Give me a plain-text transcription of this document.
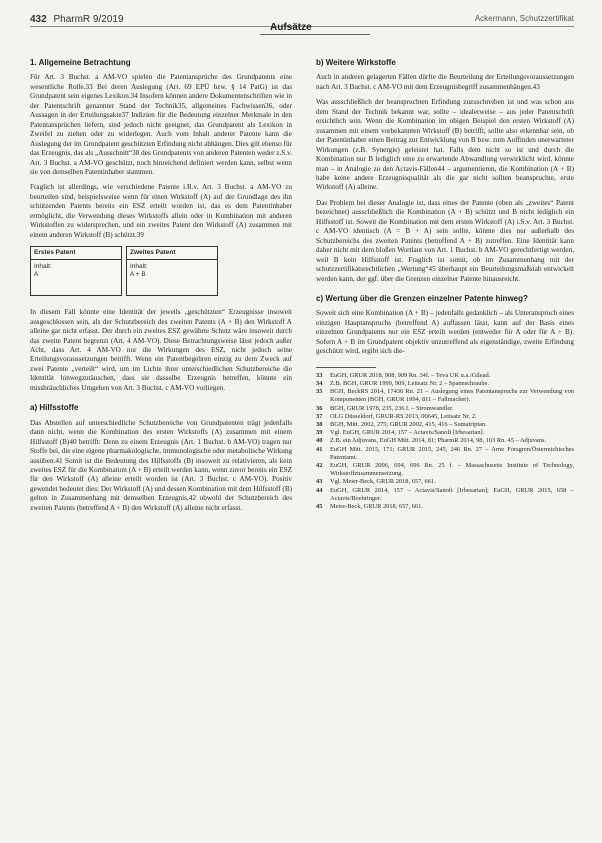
432 PharmR 9/2019
Aufsätze
Ackermann, Schutzzertifikat
1. Allgemeine Betrachtung

Für Art. 3 Buchst. a AM-VO spielen die Patentansprüche des Grundpatents eine wesentliche Rolle.33 Bei deren Auslegung (Art. 69 EPÜ bzw. § 14 PatG) ist das Grundpatent sein eigenes Lexikon.34 Insofern können andere Dokumentenschriften wie in der Patentschrift genannter Stand der Technik35, allgemeines Fachwissen36, oder Aussagen in der Erteilungsakte37 Indizien für die Bedeutung einzelner Merkmale in den Patentansprüchen liefern, sind jedoch nicht geeignet, das Grundpatent als Lexikon in Zweifel zu ziehen oder zu widerlegen. Auch vom Inhalt anderer Patente kann die Auslegung der im Grundpatent geschützten Erfindung nicht abhängen. Dies gilt ebenso für das Erzeugnis, das als „Ausschnitt“38 des Grundpatents von anderen Patenten weder z.S.v. Art. 3 Buchst. a AM-VO geschützt, noch hinreichend definiert werden kann, selbst wenn sie von demselben Patentinhaber stammen.

Fraglich ist allerdings, wie verschiedene Patente i.R.v. Art. 3 Buchst. a AM-VO zu beurteilen sind, beispielsweise wenn für einen Wirkstoff (A) auf der Grundlage des ihn schützenden Patents bereits ein ESZ erteilt worden ist, das es dem Patentinhaber ermöglicht, die Verwendung dieses Wirkstoffs allein oder in Kombination mit anderen Wirkstoffen zu widersprechen, und ein zweites Patent den Wirkstoff (A) zusammen mit einem anderen Wirkstoff (B) schützt.39

Erstes Patent
Inhalt:
A
Zweites Patent
Inhalt:
A + B

In diesem Fall könnte eine Identität der jeweils „geschützten“ Erzeugnisse insoweit ausgeschlossen sein, als der Schutzbereich des zweiten Patents (A + B) den Wirkstoff A alleine gar nicht erfasst. Der durch ein zweites ESZ gewährte Schutz wäre insoweit durch das zweite Patent begrenzt (Art. 4 AM-VO). Diese Betrachtungsweise lässt jedoch außer Acht, dass Art. 4 AM-VO nur die Wirkungen des ESZ, nicht jedoch seine Erteilungsvoraussetzungen betrifft. Wenn ein Patentbegehren einzig zu dem Zweck auf zwei Patente „verteilt“ wird, um im Lichte ihrer unterschiedlichen Schutzbereiche die Identität hinwegzutäuschen, dass sie dasselbe Erzeugnis betreffen, könnte ein missbräuchliches Umgehen von Art. 3 Buchst. c AM-VO vorliegen.

a) Hilfsstoffe

Das Abstellen auf unterschiedliche Schutzbereiche von Grundpatenten trägt jedenfalls dann nicht, wenn die Kombination des ersten Wirkstoffs (A) zusammen mit einem Hilfsstoff (B)40 betrifft: Denn zu einem Erzeugnis (Art. 1 Buchst. b AM-VO) tragen nur Stoffe bei, die eine eigene pharmakologische, immunologische oder metabolische Wirkung ausüben.41 Somit ist die Bedeutung des Hilfsstoffs (B) insoweit zu relativieren, als kein zweites ESZ für die Kombination (A + B) erteilt werden kann, wenn zuvor bereits ein ESZ für den Wirkstoff (A) alleine erteilt worden ist (Art. 3 Buchst. c AM-VO). Positiv gewendet bedeutet dies: Der Wirkstoff (A) und dessen Kombination mit dem Hilfsstoff (B) gelten in Zusammenhang mit demselben Erzeugnis,42 obwohl der Schutzbereich des zweiten Patents (betreffend A + B) den Wirkstoff (A) alleine nicht erfasst.

b) Weitere Wirkstoffe

Auch in anderen gelagerten Fällen dürfte die Beurteilung der Erteilungsvoraussetzungen nach Art. 3 Buchst. c AM-VO mit dem Erzeugnisbegriff zusammenhängen.43

Was ausschließlich der beanspruchten Erfindung zuzuschreiben ist und was schon aus dem Stand der Technik bekannt war, sollte – idealerweise – aus jeder Patentschrift ersichtlich sein. Wenn die Kombination im obigen Beispiel den ersten Wirkstoff (A) zusammen mit einem vorbekannten Wirkstoff (B) betrifft, sollte also erkennbar sein, ob der Patentinhaber einen Beitrag zur Entwicklung von B bzw. zum Auffinden unerwarteter Wirkungen (z.B. Synergie) geleistet hat. Falls dem nicht so ist und durch die Kombination nur B lediglich eine zu erwartende Abwandlung verwirklicht wird, könnte man – in Analogie zu den Actavis-Fällen44 – argumentieren, die Kombination (A + B) habe keine andere Erzeugnisqualität als die gar nicht sollten beanspruchte, erste Wirkstoff (A) alleine.

Das Problem bei dieser Analogie ist, dass eines der Patente (oben als „zweites“ Patent bezeichnet) ausschließlich die Kombination (A + B) schützt und B nicht lediglich ein Hilfsstoff ist. Soweit die Kombination mit dem ersten Wirkstoff (A) i.S.v. Art. 3 Buchst. c AM-VO identisch (A = B + A) sein sollte, könnte dies nur außerhalb des Schutzbereichs des zweiten Patents (betreffend A + B) zutreffen. Eine Identität kann daher nicht mit dem bloßen Wortlaut von Art. 1 Buchst. b AM-VO gerechtfertigt werden, weil B kein Hilfsstoff ist. Fraglich ist somit, ob im Zusammenhang mit der schutzzertifikatsrechtlichen „Wertung“45 überhaupt ein Beurteilungsmaßstab entwickelt werden kann, der ggf. über die Grenzen einzelner Patente hinausreicht.

c) Wertung über die Grenzen einzelner Patente hinweg?

Soweit sich eine Kombination (A + B) – jedenfalls gedanklich – als Unteranspruch eines einzigen Hauptanspruchs (betreffend A) auffassen lässt, kann auf der Basis eines einzelnen Grundpatents nur ein ESZ erteilt werden (entweder für A oder für A + B). Sofern A + B im Grundpatent objektiv unzutreffend als eigenständige, zweite Erfindung geschützt wird, ergibt sich die-

33	EuGH, GRUR 2018, 908, 909 Rn. 34f. – Teva UK u.a./Gilead.
34	Z.B. BGH, GRUR 1999, 909, Leitsatz Nr. 2 – Spannschraube.
35	BGH, BeckRS 2014, 17436 Rn. 21 – Auslegung eines Patentanspruchs zur Verwendung von Komponenten (BGH, GRUR 1994, 811 – Fallmacher).
36	BGH, GRUR 1978, 235, 236 f. – Stromwandler.
37	OLG Düsseldorf, GRUR-RS 2013, 00645, Leitsatz Nr. 2.
38	BGH, Mitt. 2002, 275; GRUR 2002, 415, 416 – Sumatriptan.
39	Vgl. EuGH, GRUR 2014, 157 – Actavis/Sanofi [Irbesartan].
40	Z.B. ein Adjuvans, EuGH Mitt. 2014, 81; PharmR 2014, 98, 103 Rn. 45 – Adjuvans.
41	EuGH Mitt. 2015, 171; GRUR 2015, 245, 246 Rn. 27 – Arne Forsgren/Österreichisches Patentamt.
42	EuGH, GRUR 2006, 694, 696 Rn. 25 f. – Massachusetts Institute of Technology, Wirkstoffzusammensetzung.
43	Vgl. Meier-Beck, GRUR 2018, 657, 661.
44	EuGH, GRUR 2014, 157 – Actavis/Sanofi [Irbesartan]; EuGH, GRUR 2015, 658 – Actavis/Boehringer.
45	Meier-Beck, GRUR 2018, 657, 661.
